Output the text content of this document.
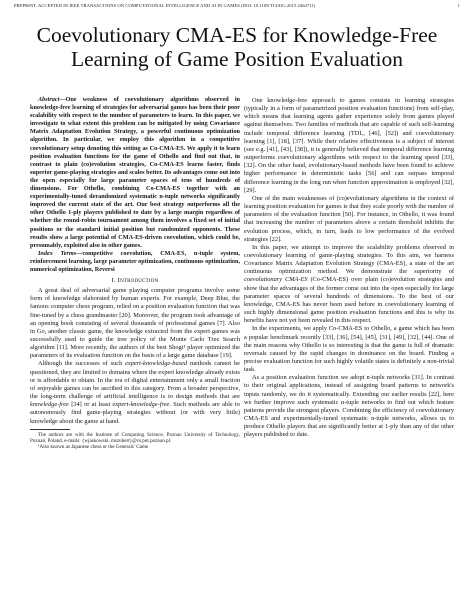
PREPRINT. ACCEPTED IN IEEE TRANSACTIONS ON COMPUTATIONAL INTELLIGENCE AND AI IN GAMES (DOI: 10.1109/TCIAIG.2015.2464711)	1
Coevolutionary CMA-ES for Knowledge-Free
Learning of Game Position Evaluation

Abstract—One weakness of coevolutionary algorithms observed in knowledge-free learning of strategies for adversarial games has been their poor scalability with respect to the number of parameters to learn. In this paper, we investigate to what extent this problem can be mitigated by using Covariance Matrix Adaptation Evolution Strategy, a powerful continuous optimization algorithm. In particular, we employ this algorithm in a competitive coevolutionary setup denoting this setting as Co-CMA-ES. We apply it to learn position evaluation functions for the game of Othello and find out that, in contrast to plain (co)evolution strategies, Co-CMA-ES learns faster, finds superior game-playing strategies and scales better. Its advantages come out into the open especially for large parameter spaces of tens of hundreds of dimensions. For Othello, combining Co-CMA-ES together with an experimentally-tuned derandomized systematic n-tuple networks significantly improved the current state of the art. Our best strategy outperforms all the other Othello 1-ply players published to date by a large margin regardless of whether the round-robin tournament among them involves a fixed set of initial positions or the standard initial position but randomized opponents. These results show a large potential of CMA-ES-driven coevolution, which could be, presumably, exploited also in other games.

Index Terms—competitive coevolution, CMA-ES, n-tuple system, reinforcement learning, large parameter optimization, continuous optimization, numerical optimization, Reversi

I. Introduction

A great deal of adversarial game playing computer programs involve some form of knowledge elaborated by human experts. For example, Deep Blue, the famous computer chess program, relied on a position evaluation function that was fine-tuned by a chess grandmaster [20]. Moreover, the program took advantage of an opening book consisting of several thousands of professional games [7]. Also in Go, another classic game, the knowledge extracted from the expert games was successfully used to guide the tree policy of the Monte Carlo Tree Search algorithm [11]. More recently, the authors of the best Shogi¹ player optimized the parameters of its evaluation function on the basis of a large game database [19].

Although the successes of such expert-knowledge-based methods cannot be questioned, they are limited to domains where the expert knowledge already exists or is affordable to obtain. In the era of digital entertainment only a small fraction of enjoyable games can be ascribed to this category. From a broader perspective, the long-term challenge of artificial intelligence is to design methods that are knowledge-free [34] or at least expert-knowledge-free. Such methods are able to autonomously find game-playing strategies without (or with very little) knowledge about the game at hand.

The authors are with the Institute of Computing Science, Poznan University of Technology, Poznań, Poland, e-mails: {wjaskowski, mszubert}@cs.put.poznan.pl.

¹Also known as Japanese chess or the Generals' Game

One knowledge-free approach to games consists in learning strategies (typically in a form of parametrized position evaluation functions) from self-play, which means that learning agents gather experience solely from games played against themselves. Two families of methods that are capable of such self-learning include temporal difference learning (TDL, [46], [52]) and coevolutionary learning [1], [18], [37]. While their relative effectiveness is a subject of interest (see e.g. [41], [43], [38]), it is generally believed that temporal difference learning outperforms coevolutionary algorithms with respect to the learning speed [33], [32]. On the other hand, evolutionary-based methods have been found to achieve higher performance in deterministic tasks [56] and can surpass temporal difference learning in the long run when function approximation is employed [32], [29].

One of the main weaknesses of (co)evolutionary algorithms in the context of learning position evaluation for games is that they scale poorly with the number of parameters of the evaluation function [50]. For instance, in Othello, it was found that increasing the number of parameters above a certain threshold inhibits the evolution process, which, in turn, leads to low performance of the evolved strategies [22].

In this paper, we attempt to improve the scalability problems observed in coevolutionary learning of game-playing strategies. To this aim, we harness Covariance Matrix Adaptation Evolution Strategy (CMA-ES), a state of the art continuous optimization method. We demonstrate the superiority of coevolutionary CMA-ES (Co-CMA-ES) over plain (co)evolution strategies and show that the advantages of the former come out into the open especially for large parameter spaces of several hundreds of dimensions. To the best of our knowledge, CMA-ES has never been used before in coevolutionary learning of such highly dimensional game position evaluation functions and this is why its benefits have not yet been revealed in this respect.

In the experiments, we apply Co-CMA-ES to Othello, a game which has been a popular benchmark recently [33], [36], [54], [45], [31], [49], [32], [44]. One of the main reasons why Othello is so interesting is that the game is full of dramatic reversals caused by the rapid changes in dominance on the board. Finding a precise evaluation function for such highly volatile states is definitely a non-trivial task.

As a position evaluation function we adopt n-tuple networks [31]. In contrast to their original applications, instead of assigning board patterns to network's inputs randomly, we do it systematically. Extending our earlier results [22], here we further improve such systematic n-tuple networks to find out which feature patterns provide the strongest players. Combining the efficiency of coevolutionary CMA-ES and experimentally-tuned systematic n-tuple networks, allows us to produce Othello players that are significantly better at 1-ply than any of the other players published to date.
